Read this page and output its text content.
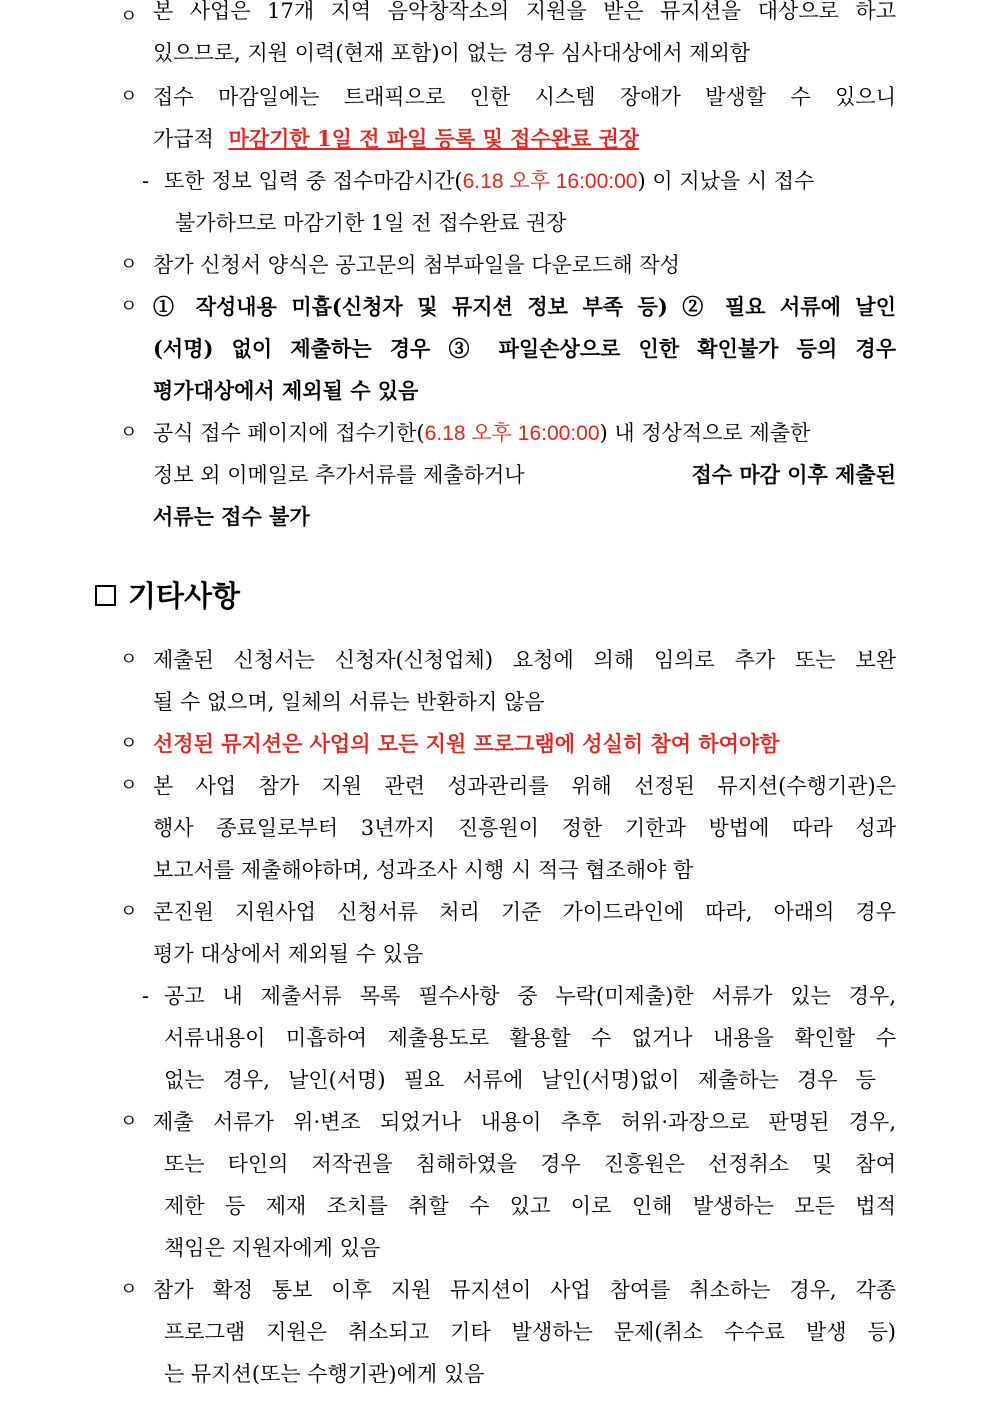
ㅇ 본 사업은 17개 지역 음악창작소의 지원을 받은 뮤지션을 대상으로 하고
있으므로, 지원 이력(현재 포함)이 없는 경우 심사대상에서 제외함
ㅇ 접수 마감일에는 트래픽으로 인한 시스템 장애가 발생할 수 있으니
가급적 마감기한 1일 전 파일 등록 및 접수완료 권장
- 또한 정보 입력 중 접수마감시간(6.18 오후 16:00:00) 이 지났을 시 접수
불가하므로 마감기한 1일 전 접수완료 권장
ㅇ 참가 신청서 양식은 공고문의 첨부파일을 다운로드해 작성
ㅇ ① 작성내용 미흡(신청자 및 뮤지션 정보 부족 등) ② 필요 서류에 날인
(서명) 없이 제출하는 경우 ③ 파일손상으로 인한 확인불가 등의 경우
평가대상에서 제외될 수 있음
ㅇ 공식 접수 페이지에 접수기한(6.18 오후 16:00:00) 내 정상적으로 제출한
정보 외 이메일로 추가서류를 제출하거나	접수 마감 이후 제출된
서류는 접수 불가
기타사항
ㅇ 제출된 신청서는 신청자(신청업체) 요청에 의해 임의로 추가 또는 보완
될 수 없으며, 일체의 서류는 반환하지 않음
ㅇ 선정된 뮤지션은 사업의 모든 지원 프로그램에 성실히 참여 하여야함
ㅇ 본 사업 참가 지원 관련 성과관리를 위해 선정된 뮤지션(수행기관)은
행사 종료일로부터 3년까지 진흥원이 정한 기한과 방법에 따라 성과
보고서를 제출해야하며, 성과조사 시행 시 적극 협조해야 함
ㅇ 콘진원 지원사업 신청서류 처리 기준 가이드라인에 따라, 아래의 경우
평가 대상에서 제외될 수 있음
- 공고 내 제출서류 목록 필수사항 중 누락(미제출)한 서류가 있는 경우,
서류내용이 미흡하여 제출용도로 활용할 수 없거나 내용을 확인할 수
없는 경우, 날인(서명) 필요 서류에 날인(서명)없이 제출하는 경우 등
ㅇ 제출 서류가 위·변조 되었거나 내용이 추후 허위·과장으로 판명된 경우,
또는 타인의 저작권을 침해하였을 경우 진흥원은 선정취소 및 참여
제한 등 제재 조치를 취할 수 있고 이로 인해 발생하는 모든 법적
책임은 지원자에게 있음
ㅇ 참가 확정 통보 이후 지원 뮤지션이 사업 참여를 취소하는 경우, 각종
프로그램 지원은 취소되고 기타 발생하는 문제(취소 수수료 발생 등)
는 뮤지션(또는 수행기관)에게 있음
